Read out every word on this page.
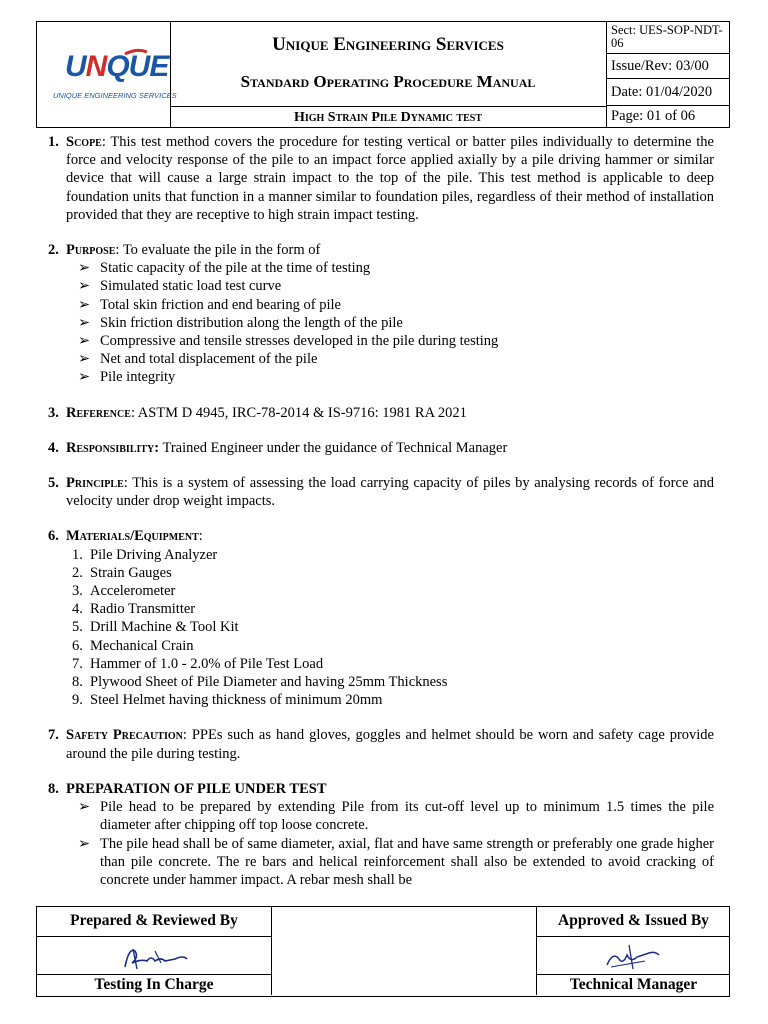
UNQUE
UNIQUE ENGINEERING SERVICES
Unique Engineering Services
Standard Operating Procedure Manual
High Strain Pile Dynamic test
Sect: UES-SOP-NDT-06
Issue/Rev: 03/00
Date: 01/04/2020
Page: 01 of 06
1. Scope: This test method covers the procedure for testing vertical or batter piles individually to determine the force and velocity response of the pile to an impact force applied axially by a pile driving hammer or similar device that will cause a large strain impact to the top of the pile. This test method is applicable to deep foundation units that function in a manner similar to foundation piles, regardless of their method of installation provided that they are receptive to high strain impact testing.
2. Purpose: To evaluate the pile in the form of
➢ Static capacity of the pile at the time of testing
➢ Simulated static load test curve
➢ Total skin friction and end bearing of pile
➢ Skin friction distribution along the length of the pile
➢ Compressive and tensile stresses developed in the pile during testing
➢ Net and total displacement of the pile
➢ Pile integrity
3. Reference: ASTM D 4945, IRC-78-2014 & IS-9716: 1981 RA 2021
4. Responsibility: Trained Engineer under the guidance of Technical Manager
5. Principle: This is a system of assessing the load carrying capacity of piles by analysing records of force and velocity under drop weight impacts.
6. Materials/Equipment:
1. Pile Driving Analyzer
2. Strain Gauges
3. Accelerometer
4. Radio Transmitter
5. Drill Machine & Tool Kit
6. Mechanical Crain
7. Hammer of 1.0 - 2.0% of Pile Test Load
8. Plywood Sheet of Pile Diameter and having 25mm Thickness
9. Steel Helmet having thickness of minimum 20mm
7. Safety Precaution: PPEs such as hand gloves, goggles and helmet should be worn and safety cage provide around the pile during testing.
8. PREPARATION OF PILE UNDER TEST
➢ Pile head to be prepared by extending Pile from its cut-off level up to minimum 1.5 times the pile diameter after chipping off top loose concrete.
➢ The pile head shall be of same diameter, axial, flat and have same strength or preferably one grade higher than pile concrete. The re bars and helical reinforcement shall also be extended to avoid cracking of concrete under hammer impact. A rebar mesh shall be
Prepared & Reviewed By
Testing In Charge
Approved & Issued By
Technical Manager
